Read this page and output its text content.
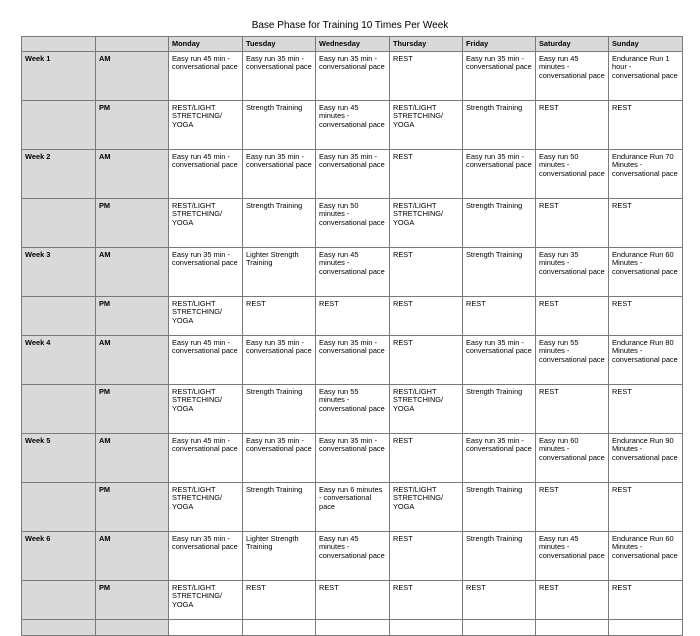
Base Phase for Training 10 Times Per Week
		Monday	Tuesday	Wednesday	Thursday	Friday	Saturday	Sunday
Week 1	AM	Easy run 45 min - conversational pace	Easy run 35 min - conversational pace	Easy run 35 min - conversational pace	REST	Easy run 35 min - conversational pace	Easy run 45 minutes - conversational pace	Endurance Run 1 hour - conversational pace
	PM	REST/LIGHT STRETCHING/ YOGA	Strength Training	Easy run 45 minutes - conversational pace	REST/LIGHT STRETCHING/ YOGA	Strength Training	REST	REST
Week 2	AM	Easy run 45 min - conversational pace	Easy run 35 min - conversational pace	Easy run 35 min - conversational pace	REST	Easy run 35 min - conversational pace	Easy run 50 minutes - conversational pace	Endurance Run 70 Minutes - conversational pace
	PM	REST/LIGHT STRETCHING/ YOGA	Strength Training	Easy run 50 minutes - conversational pace	REST/LIGHT STRETCHING/ YOGA	Strength Training	REST	REST
Week 3	AM	Easy run 35 min - conversational pace	Lighter Strength Training	Easy run 45 minutes - conversational pace	REST	Strength Training	Easy run 35 minutes - conversational pace	Endurance Run 60 Minutes - conversational pace
	PM	REST/LIGHT STRETCHING/ YOGA	REST	REST	REST	REST	REST	REST
Week 4	AM	Easy run 45 min - conversational pace	Easy run 35 min - conversational pace	Easy run 35 min - conversational pace	REST	Easy run 35 min - conversational pace	Easy run 55 minutes - conversational pace	Endurance Run 80 Minutes - conversational pace
	PM	REST/LIGHT STRETCHING/ YOGA	Strength Training	Easy run 55 minutes - conversational pace	REST/LIGHT STRETCHING/ YOGA	Strength Training	REST	REST
Week 5	AM	Easy run 45 min - conversational pace	Easy run 35 min - conversational pace	Easy run 35 min - conversational pace	REST	Easy run 35 min - conversational pace	Easy run 60 minutes - conversational pace	Endurance Run 90 Minutes - conversational pace
	PM	REST/LIGHT STRETCHING/ YOGA	Strength Training	Easy run 6 minutes - conversational pace	REST/LIGHT STRETCHING/ YOGA	Strength Training	REST	REST
Week 6	AM	Easy run 35 min - conversational pace	Lighter Strength Training	Easy run 45 minutes - conversational pace	REST	Strength Training	Easy run 45 minutes - conversational pace	Endurance Run 60 Minutes - conversational pace
	PM	REST/LIGHT STRETCHING/ YOGA	REST	REST	REST	REST	REST	REST
